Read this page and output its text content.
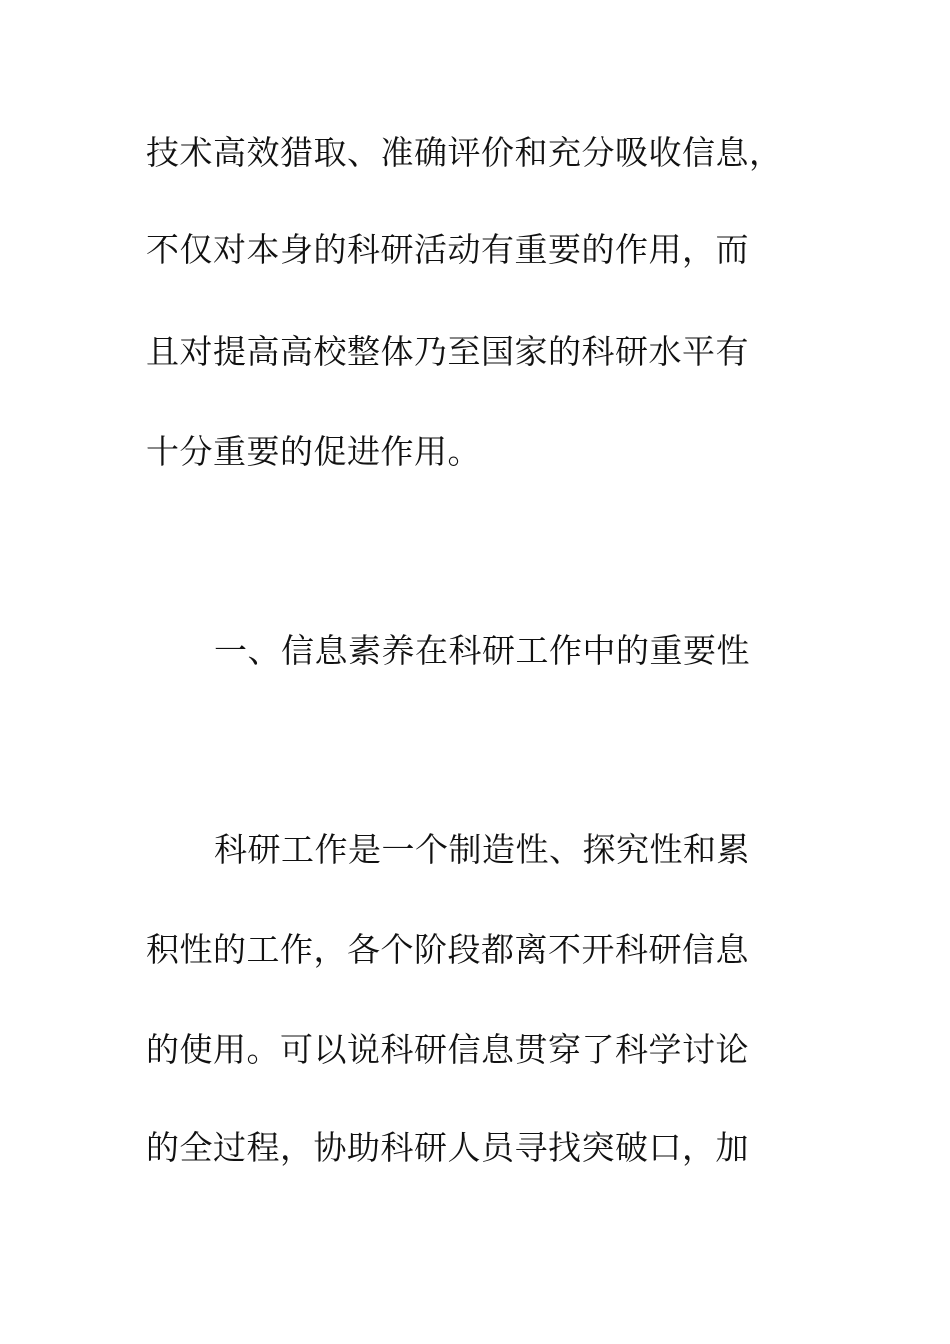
技术高效猎取、准确评价和充分吸收信息，
不仅对本身的科研活动有重要的作用，而
且对提高高校整体乃至国家的科研水平有
十分重要的促进作用。
一、信息素养在科研工作中的重要性
科研工作是一个制造性、探究性和累
积性的工作，各个阶段都离不开科研信息
的使用。可以说科研信息贯穿了科学讨论
的全过程，协助科研人员寻找突破口，加
